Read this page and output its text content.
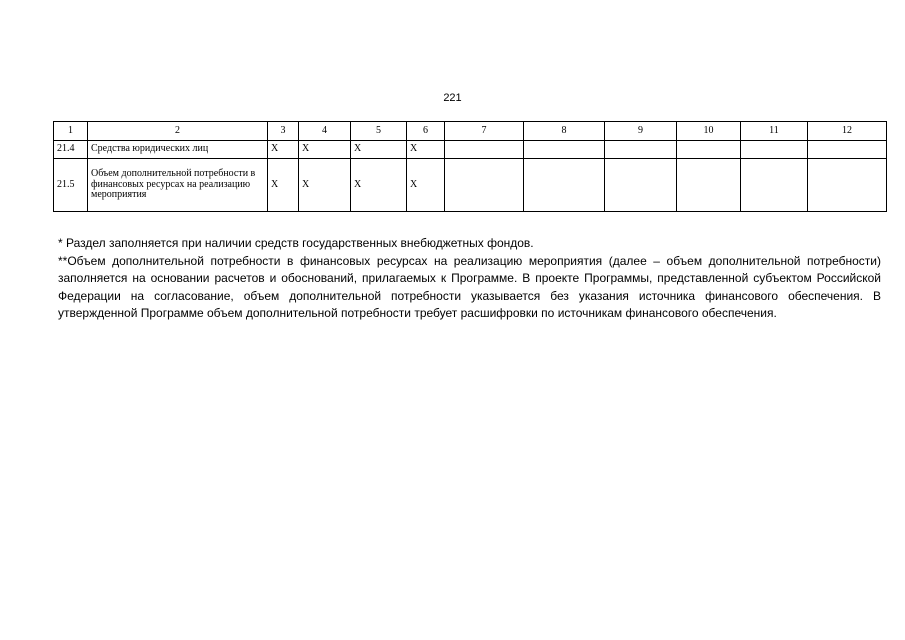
221
1	2	3	4	5	6	7	8	9	10	11	12
21.4	Средства юридических лиц	X	X	X	X						
21.5	Объем дополнительной потребности в финансовых ресурсах на реализацию мероприятия	X	X	X	X						

* Раздел заполняется при наличии средств государственных внебюджетных фондов.

**Объем дополнительной потребности в финансовых ресурсах на реализацию мероприятия (далее – объем дополнительной потребности) заполняется на основании расчетов и обоснований, прилагаемых к Программе. В проекте Программы, представленной субъектом Российской Федерации на согласование, объем дополнительной потребности указывается без указания источника финансового обеспечения. В утвержденной Программе объем дополнительной потребности требует расшифровки по источникам финансового обеспечения.
